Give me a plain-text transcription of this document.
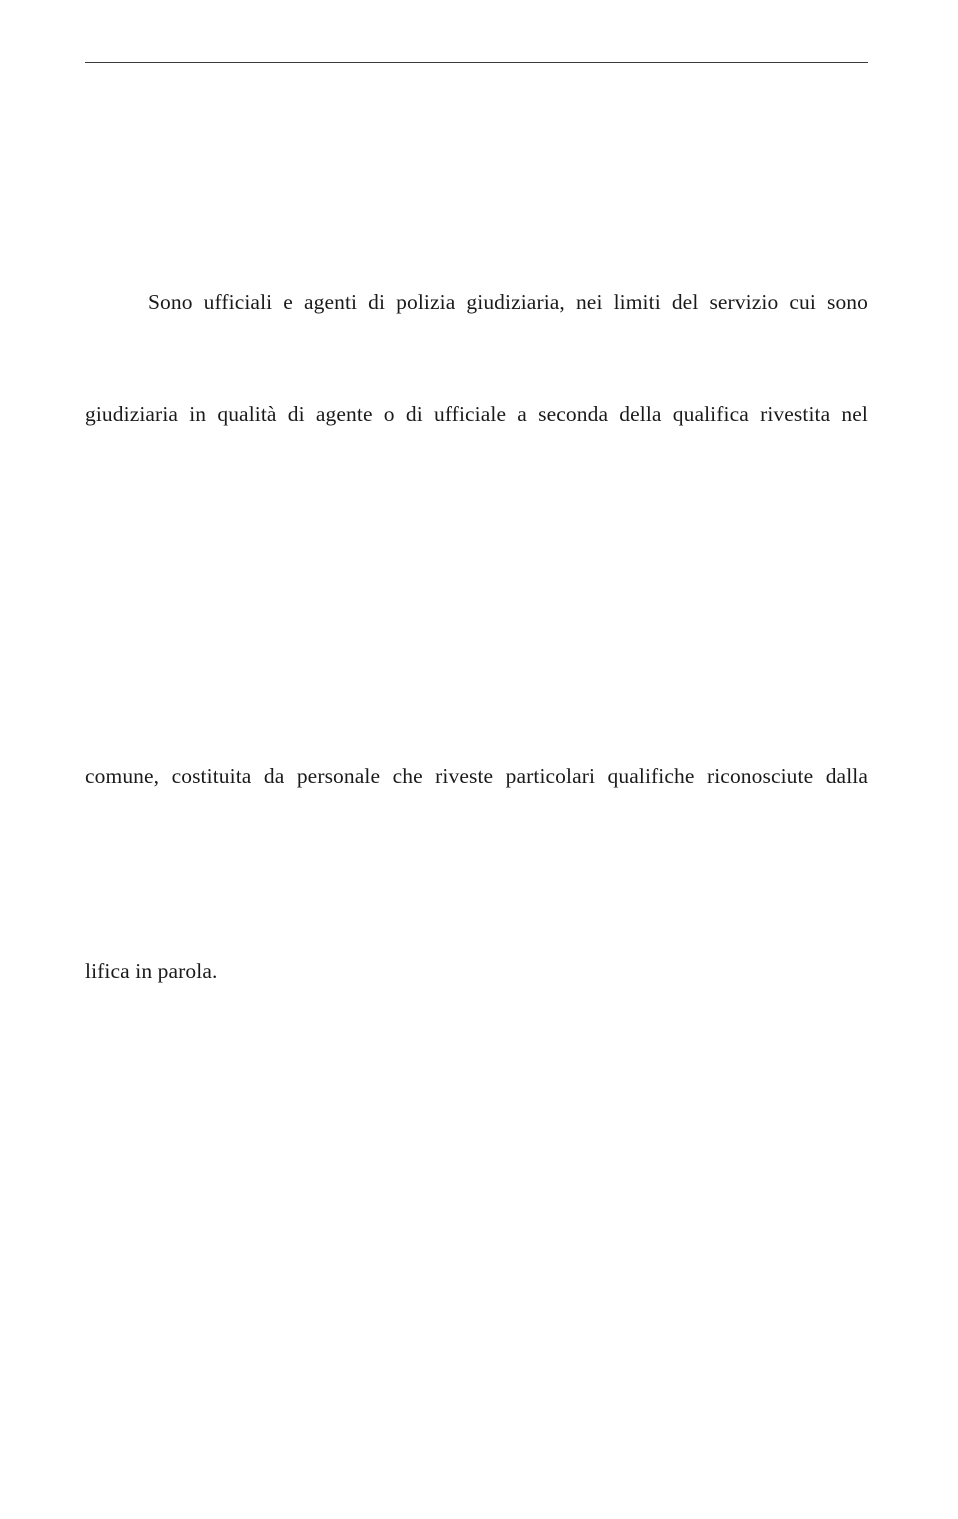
Sono ufficiali e agenti di polizia giudiziaria, nei limiti del servizio cui sono
giudiziaria in qualità di agente o di ufficiale a seconda della qualifica rivestita nel
comune, costituita da personale che riveste particolari qualifiche riconosciute dalla
lifica in parola.
